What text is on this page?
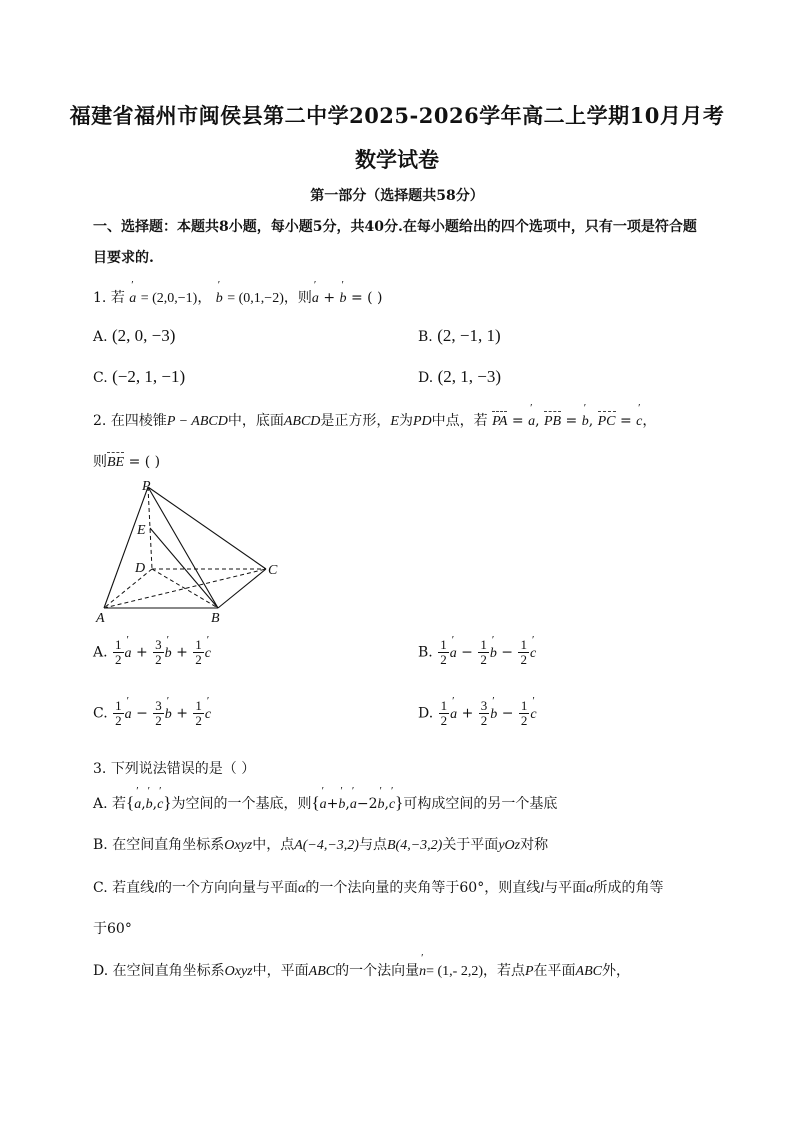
福建省福州市闽侯县第二中学2025-2026学年高二上学期10月月考
数学试卷
第一部分（选择题共58分）
一、选择题：本题共8小题，每小题5分，共40分.在每小题给出的四个选项中，只有一项是符合题目要求的.
1. 若 ′ a = (2,0,−1)， ′ b = (0,1,−2)，则′ a + ′ b = ( )
A. (2, 0, −3)	B. (2, −1, 1)
C. (−2, 1, −1)	D. (2, 1, −3)
2. 在四棱锥P − ABCD中，底面ABCD是正方形，E为PD中点，若 PA = ′ a, PB = ′ b, PC = ′ c，
则BE = ( )
P
E
D	C
A	B
A. $\frac{1}{2}$ ′ $a + \frac{3}{2}$ ′ $b + \frac{1}{2}$ ′ c	B. $\frac{1}{2}$ ′ $a - \frac{1}{2}$ ′ $b - \frac{1}{2}$ ′ c
C. $\frac{1}{2}$ ′ $a - \frac{3}{2}$ ′ $b + \frac{1}{2}$ ′ c	D. $\frac{1}{2}$ ′ $a + \frac{3}{2}$ ′ $b - \frac{1}{2}$ ′ c
3. 下列说法错误的是（ ）
A. 若{′ a,′ b,′ c}为空间的一个基底，则{′ a+′ b,′ a−2′ b,′ c}可构成空间的另一个基底
B. 在空间直角坐标系Oxyz中，点A(−4,−3,2)与点B(4,−3,2)关于平面yOz对称
C. 若直线l的一个方向向量与平面α的一个法向量的夹角等于60°，则直线l与平面α所成的角等
于60°
D. 在空间直角坐标系Oxyz中，平面ABC的一个法向量′ n= (1,- 2,2)，若点P在平面ABC外，
